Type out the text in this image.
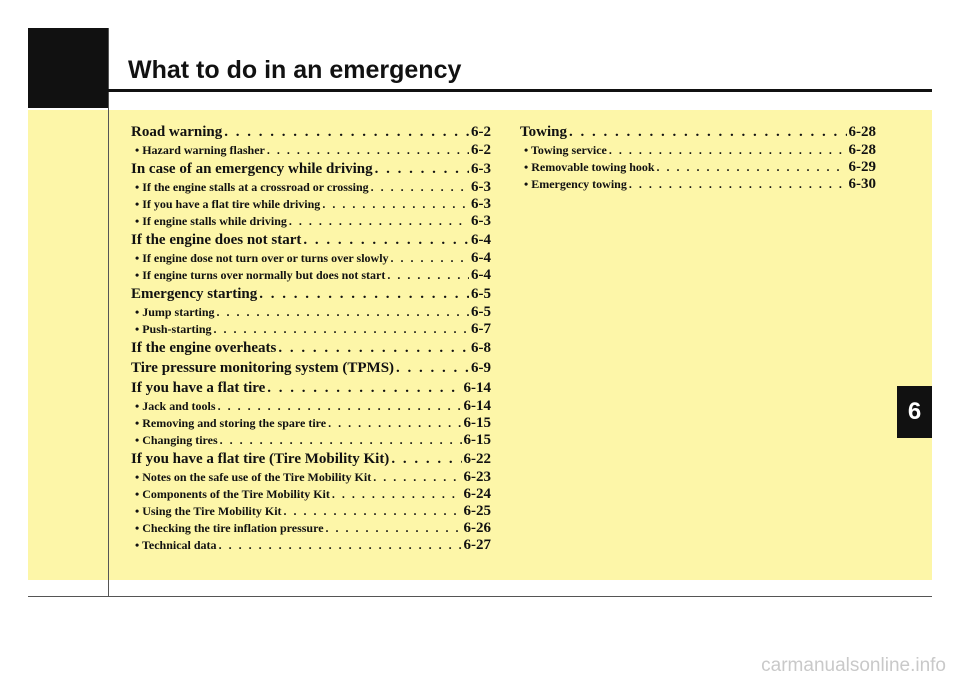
What to do in an emergency
Road warning . . .	6-2
• Hazard warning flasher . . .	6-2
In case of an emergency while driving . . .	6-3
• If the engine stalls at a crossroad or crossing . . .	6-3
• If you have a flat tire while driving . . .	6-3
• If engine stalls while driving . . .	6-3
If the engine does not start . . .	6-4
• If engine dose not turn over or turns over slowly . . .	6-4
• If engine turns over normally but does not start . . .	6-4
Emergency starting . . .	6-5
• Jump starting . . .	6-5
• Push-starting . . .	6-7
If the engine overheats . . .	6-8
Tire pressure monitoring system (TPMS) . . .	6-9
If you have a flat tire . . .	6-14
• Jack and tools . . .	6-14
• Removing and storing the spare tire . . .	6-15
• Changing tires . . .	6-15
If you have a flat tire (Tire Mobility Kit) . . .	6-22
• Notes on the safe use of the Tire Mobility Kit . . .	6-23
• Components of the Tire Mobility Kit . . .	6-24
• Using the Tire Mobility Kit . . .	6-25
• Checking the tire inflation pressure . . .	6-26
• Technical data . . .	6-27
Towing . . .	6-28
• Towing service . . .	6-28
• Removable towing hook . . .	6-29
• Emergency towing . . .	6-30
6
carmanualsonline.info
